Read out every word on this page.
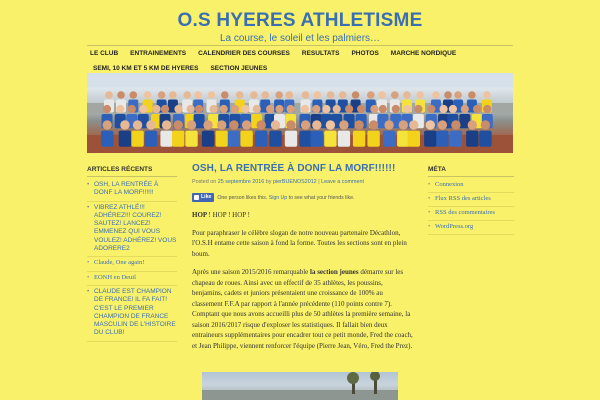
O.S HYERES ATHLETISME
La course, le soleil et les palmiers…
LE CLUB	ENTRAINEMENTS	CALENDRIER DES COURSES	RESULTATS	PHOTOS	MARCHE NORDIQUE
SEMI, 10 KM ET 5 KM DE HYERES	SECTION JEUNES
ARTICLES RÉCENTS
• OSH, LA RENTRÉE À DONF LA MORF!!!!!!
• VIBREZ ATHLÉ!!! ADHÉREZ!!! COUREZ! SAUTEZ! LANCEZ! EMMENEZ QUI VOUS VOULEZ! ADHÉREZ! VOUS ADORERE2
• Claude, One again!
• EONH en Deuil
• CLAUDE EST CHAMPION DE FRANCE! IL FA FAIT! C'EST LE PREMIER CHAMPION DE FRANCE MASCULIN DE L'HISTOIRE DU CLUB!
OSH, LA RENTRÉE À DONF LA MORF!!!!!!
Posted on 25 septembre 2016 by pierBUENOS2012 | Leave a comment
Like One person likes this. Sign Up to see what your friends like.

HOP ! HOP ! HOP !

Pour paraphraser le célèbre slogan de notre nouveau partenaire Décathlon, l'O.S.H entame cette saison à fond la forme. Toutes les sections sont en plein boum.

Après une saison 2015/2016 remarquable la section jeunes démarre sur les chapeau de roues. Ainsi avec un effectif de 35 athlètes, les poussins, benjamins, cadets et juniors présentaient une croissance de 100% au classement F.F.A par rapport à l'année précédente (110 points contre 7). Comptant que nous avons accueilli plus de 50 athlètes la première semaine, la saison 2016/2017 risque d'exploser les statistiques. Il fallait bien deux entraineurs supplémentaires pour encadrer tout ce petit monde, Fred the coach, et Jean Philippe, viennent renforcer l'équipe (Pierre Jean, Véro, Fred the Prez).

MÉTA
• Connexion
• Flux RSS des articles
• RSS des commentaires
• WordPress.org
